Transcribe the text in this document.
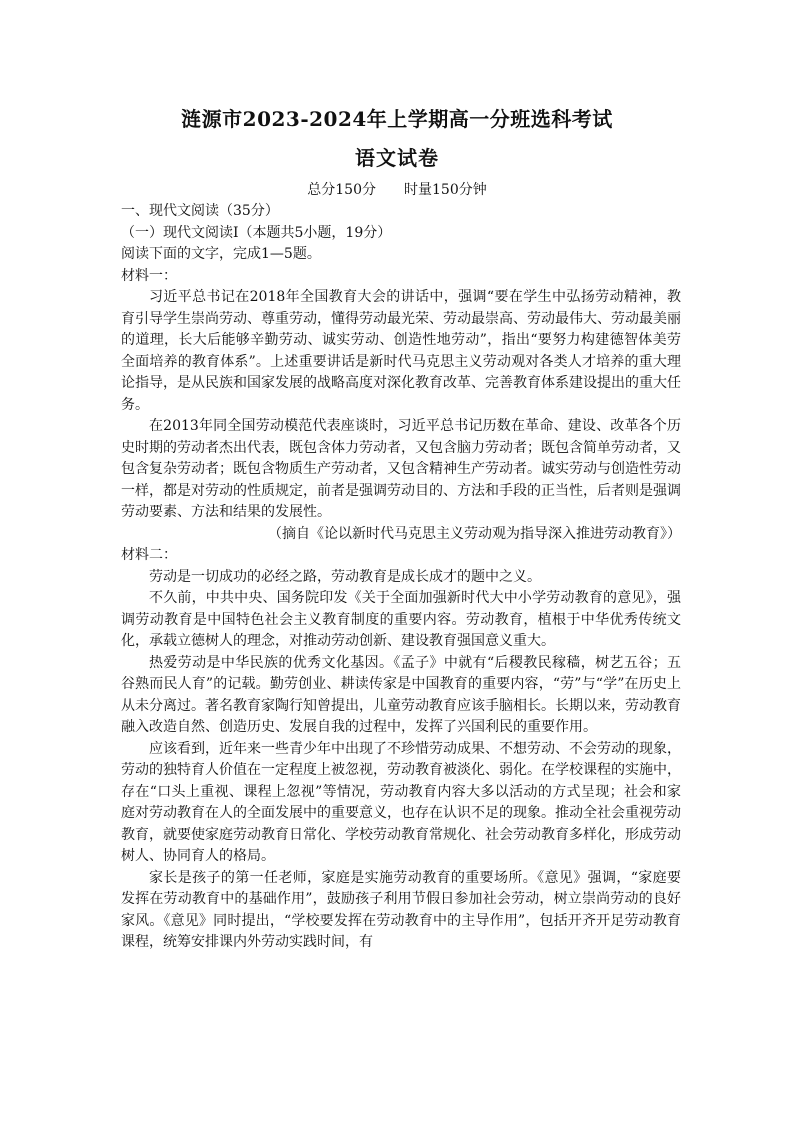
涟源市2023-2024年上学期高一分班选科考试
语文试卷
总分150分 时量150分钟

一、现代文阅读（35分）

（一）现代文阅读Ⅰ（本题共5小题，19分）

阅读下面的文字，完成1—5题。

材料一：

习近平总书记在2018年全国教育大会的讲话中，强调“要在学生中弘扬劳动精神，教育引导学生崇尚劳动、尊重劳动，懂得劳动最光荣、劳动最崇高、劳动最伟大、劳动最美丽的道理，长大后能够辛勤劳动、诚实劳动、创造性地劳动”，指出“要努力构建德智体美劳全面培养的教育体系”。上述重要讲话是新时代马克思主义劳动观对各类人才培养的重大理论指导，是从民族和国家发展的战略高度对深化教育改革、完善教育体系建设提出的重大任务。

在2013年同全国劳动模范代表座谈时，习近平总书记历数在革命、建设、改革各个历史时期的劳动者杰出代表，既包含体力劳动者，又包含脑力劳动者；既包含简单劳动者，又包含复杂劳动者；既包含物质生产劳动者，又包含精神生产劳动者。诚实劳动与创造性劳动一样，都是对劳动的性质规定，前者是强调劳动目的、方法和手段的正当性，后者则是强调劳动要素、方法和结果的发展性。

（摘自《论以新时代马克思主义劳动观为指导深入推进劳动教育》）

材料二：

劳动是一切成功的必经之路，劳动教育是成长成才的题中之义。

不久前，中共中央、国务院印发《关于全面加强新时代大中小学劳动教育的意见》，强调劳动教育是中国特色社会主义教育制度的重要内容。劳动教育，植根于中华优秀传统文化，承载立德树人的理念，对推动劳动创新、建设教育强国意义重大。

热爱劳动是中华民族的优秀文化基因。《孟子》中就有“后稷教民稼穑，树艺五谷；五谷熟而民人育”的记载。勤劳创业、耕读传家是中国教育的重要内容，“劳”与“学”在历史上从未分离过。著名教育家陶行知曾提出，儿童劳动教育应该手脑相长。长期以来，劳动教育融入改造自然、创造历史、发展自我的过程中，发挥了兴国利民的重要作用。

应该看到，近年来一些青少年中出现了不珍惜劳动成果、不想劳动、不会劳动的现象，劳动的独特育人价值在一定程度上被忽视，劳动教育被淡化、弱化。在学校课程的实施中，存在“口头上重视、课程上忽视”等情况，劳动教育内容大多以活动的方式呈现；社会和家庭对劳动教育在人的全面发展中的重要意义，也存在认识不足的现象。推动全社会重视劳动教育，就要使家庭劳动教育日常化、学校劳动教育常规化、社会劳动教育多样化，形成劳动树人、协同育人的格局。

家长是孩子的第一任老师，家庭是实施劳动教育的重要场所。《意见》强调，“家庭要发挥在劳动教育中的基础作用”，鼓励孩子利用节假日参加社会劳动，树立崇尚劳动的良好家风。《意见》同时提出，“学校要发挥在劳动教育中的主导作用”，包括开齐开足劳动教育课程，统筹安排课内外劳动实践时间，有
